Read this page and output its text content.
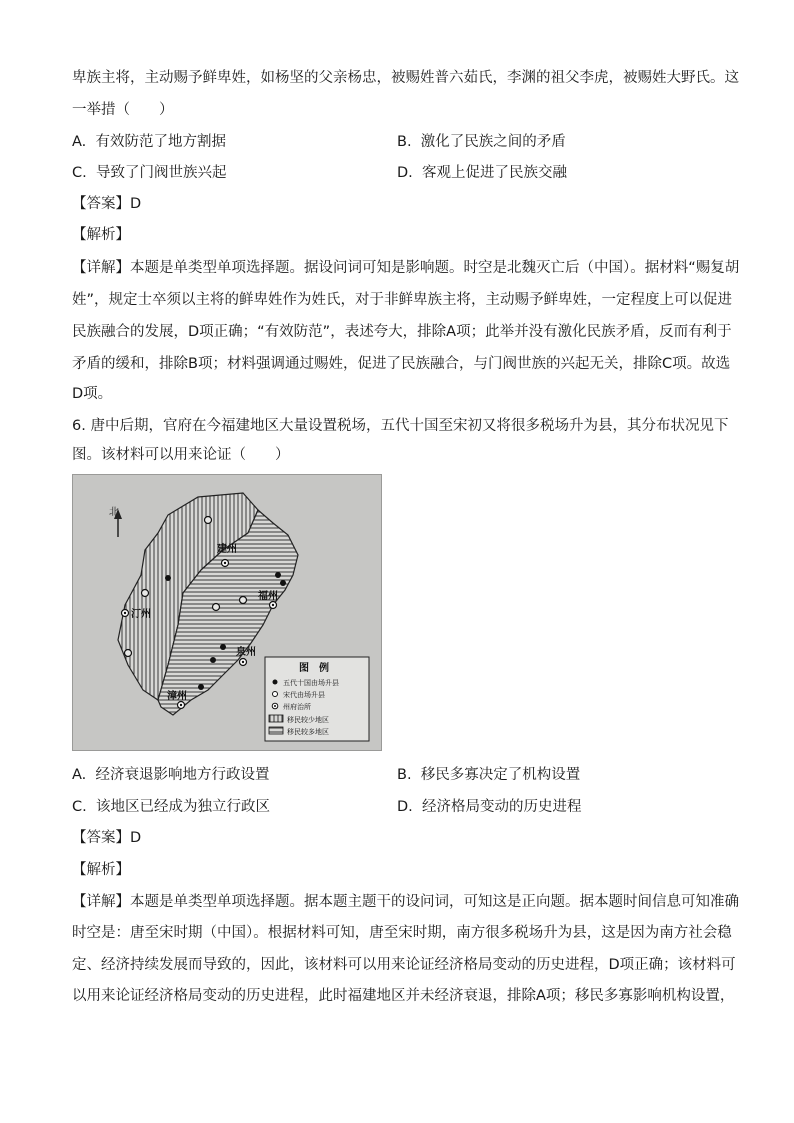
卑族主将，主动赐予鲜卑姓，如杨坚的父亲杨忠，被赐姓普六茹氏，李渊的祖父李虎，被赐姓大野氏。这
一举措（　　）
A. 有效防范了地方割据	B. 激化了民族之间的矛盾
C. 导致了门阀世族兴起	D. 客观上促进了民族交融
【答案】D
【解析】
【详解】本题是单类型单项选择题。据设问词可知是影响题。时空是北魏灭亡后（中国）。据材料“赐复胡
姓”，规定士卒须以主将的鲜卑姓作为姓氏，对于非鲜卑族主将，主动赐予鲜卑姓，一定程度上可以促进
民族融合的发展，D项正确；“有效防范”，表述夸大，排除A项；此举并没有激化民族矛盾，反而有利于
矛盾的缓和，排除B项；材料强调通过赐姓，促进了民族融合，与门阀世族的兴起无关，排除C项。故选
D项。
6. 唐中后期，官府在今福建地区大量设置税场，五代十国至宋初又将很多税场升为县，其分布状况见下
图。该材料可以用来论证（　　）
北
建州
福州
汀州
泉州
漳州
图　例
五代十国由场升县
宋代由场升县
州府治所
移民较少地区
移民较多地区
A. 经济衰退影响地方行政设置	B. 移民多寡决定了机构设置
C. 该地区已经成为独立行政区	D. 经济格局变动的历史进程
【答案】D
【解析】
【详解】本题是单类型单项选择题。据本题主题干的设问词，可知这是正向题。据本题时间信息可知准确
时空是：唐至宋时期（中国）。根据材料可知，唐至宋时期，南方很多税场升为县，这是因为南方社会稳
定、经济持续发展而导致的，因此，该材料可以用来论证经济格局变动的历史进程，D项正确；该材料可
以用来论证经济格局变动的历史进程，此时福建地区并未经济衰退，排除A项；移民多寡影响机构设置，
